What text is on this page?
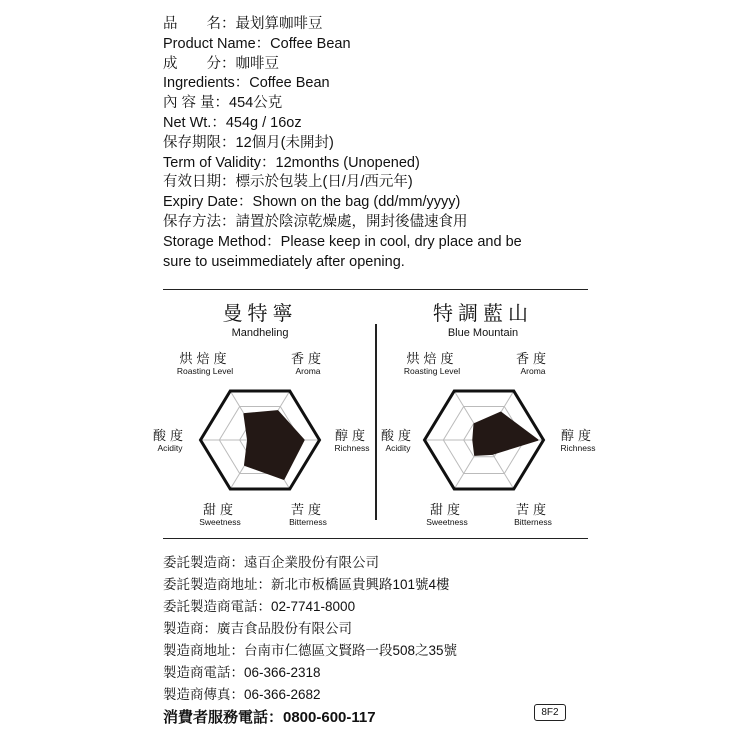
品　　名：最划算咖啡豆
Product Name：Coffee Bean
成　　分：咖啡豆
Ingredients：Coffee Bean
內 容 量：454公克
Net Wt.：454g / 16oz
保存期限：12個月(未開封)
Term of Validity：12months (Unopened)
有效日期：標示於包裝上(日/月/西元年)
Expiry Date：Shown on the bag (dd/mm/yyyy)
保存方法：請置於陰涼乾燥處，開封後儘速食用
Storage Method：Please keep in cool, dry place and be
sure to useimmediately after opening.
曼特寧
Mandheling
烘焙度
Roasting Level
香度
Aroma
醇度
Richness
苦度
Bitterness
甜度
Sweetness
酸度
Acidity
特調藍山
Blue Mountain
烘焙度
Roasting Level
香度
Aroma
醇度
Richness
苦度
Bitterness
甜度
Sweetness
酸度
Acidity
委託製造商：遠百企業股份有限公司
委託製造商地址：新北市板橋區貴興路101號4樓
委託製造商電話：02-7741-8000
製造商：廣吉食品股份有限公司
製造商地址：台南市仁德區文賢路一段508之35號
製造商電話：06-366-2318
製造商傳真：06-366-2682
消費者服務電話：0800-600-117	8F2
